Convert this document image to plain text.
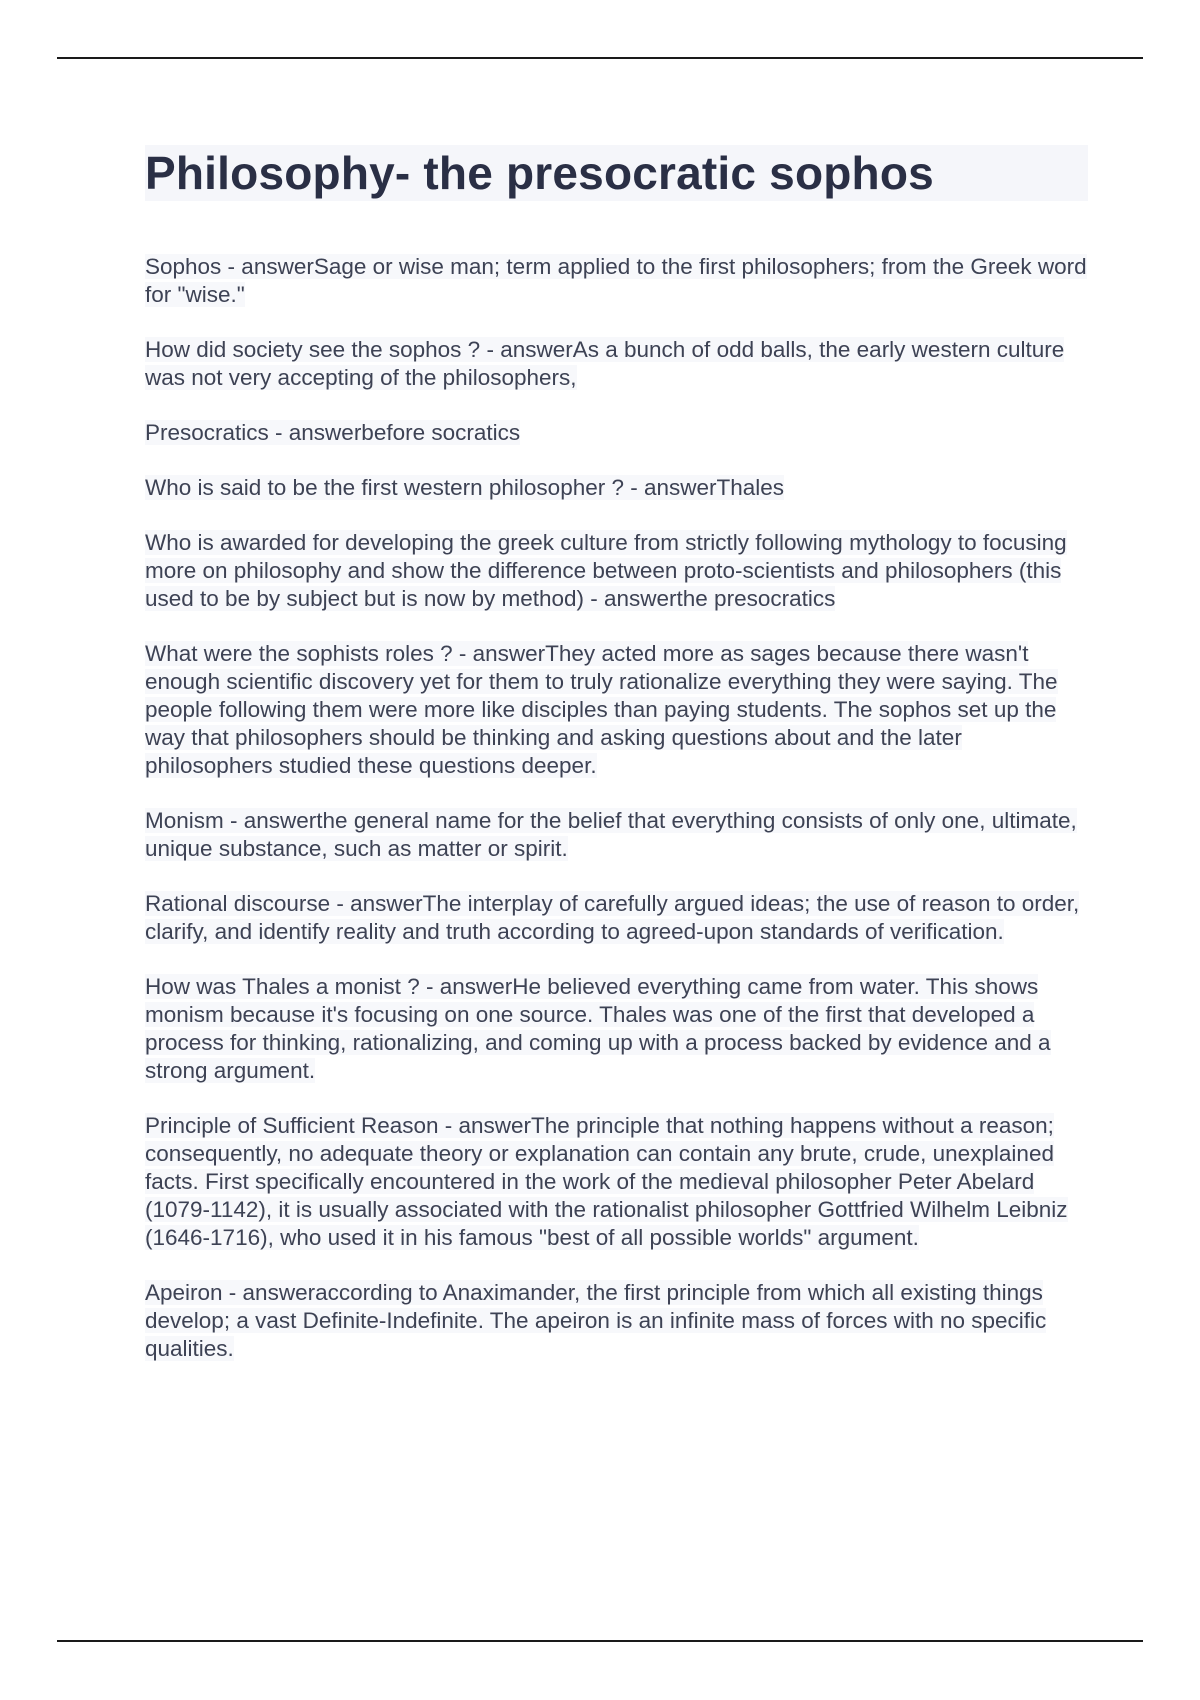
Philosophy- the presocratic sophos

Sophos - answerSage or wise man; term applied to the first philosophers; from the Greek word for "wise."

How did society see the sophos ? - answerAs a bunch of odd balls, the early western culture was not very accepting of the philosophers,

Presocratics - answerbefore socratics

Who is said to be the first western philosopher ? - answerThales

Who is awarded for developing the greek culture from strictly following mythology to focusing more on philosophy and show the difference between proto-scientists and philosophers (this used to be by subject but is now by method) - answerthe presocratics

What were the sophists roles ? - answerThey acted more as sages because there wasn't enough scientific discovery yet for them to truly rationalize everything they were saying. The people following them were more like disciples than paying students. The sophos set up the way that philosophers should be thinking and asking questions about and the later philosophers studied these questions deeper.

Monism - answerthe general name for the belief that everything consists of only one, ultimate, unique substance, such as matter or spirit.

Rational discourse - answerThe interplay of carefully argued ideas; the use of reason to order, clarify, and identify reality and truth according to agreed-upon standards of verification.

How was Thales a monist ? - answerHe believed everything came from water. This shows monism because it's focusing on one source. Thales was one of the first that developed a process for thinking, rationalizing, and coming up with a process backed by evidence and a strong argument.

Principle of Sufficient Reason - answerThe principle that nothing happens without a reason; consequently, no adequate theory or explanation can contain any brute, crude, unexplained facts. First specifically encountered in the work of the medieval philosopher Peter Abelard (1079-1142), it is usually associated with the rationalist philosopher Gottfried Wilhelm Leibniz (1646-1716), who used it in his famous "best of all possible worlds" argument.

Apeiron - answeraccording to Anaximander, the first principle from which all existing things develop; a vast Definite-Indefinite. The apeiron is an infinite mass of forces with no specific qualities.
